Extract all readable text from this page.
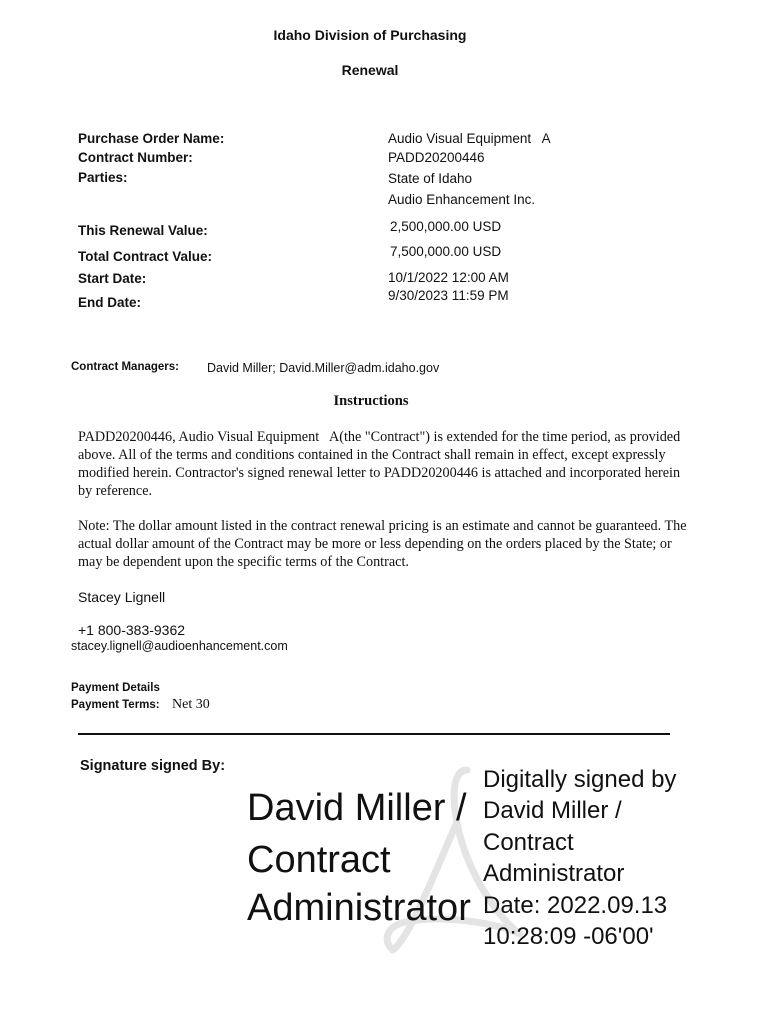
Idaho Division of Purchasing
Renewal
Purchase Order Name:
Contract Number:
Parties:
This Renewal Value:
Total Contract Value:
Start Date:
End Date:
Audio Visual Equipment   A
PADD20200446
State of Idaho
Audio Enhancement Inc.
2,500,000.00 USD
7,500,000.00 USD
10/1/2022 12:00 AM
9/30/2023 11:59 PM
Contract Managers: David Miller; David.Miller@adm.idaho.gov
Instructions
PADD20200446, Audio Visual Equipment   A(the "Contract") is extended for the time period, as provided above. All of the terms and conditions contained in the Contract shall remain in effect, except expressly modified herein. Contractor's signed renewal letter to PADD20200446 is attached and incorporated herein by reference.
Note: The dollar amount listed in the contract renewal pricing is an estimate and cannot be guaranteed. The actual dollar amount of the Contract may be more or less depending on the orders placed by the State; or may be dependent upon the specific terms of the Contract.
Stacey Lignell
+1 800-383-9362
stacey.lignell@audioenhancement.com
Payment Details
Payment Terms: Net 30
Signature signed By:
David Miller /
Contract
Administrator
Digitally signed by
David Miller /
Contract
Administrator
Date: 2022.09.13
10:28:09 -06'00'
